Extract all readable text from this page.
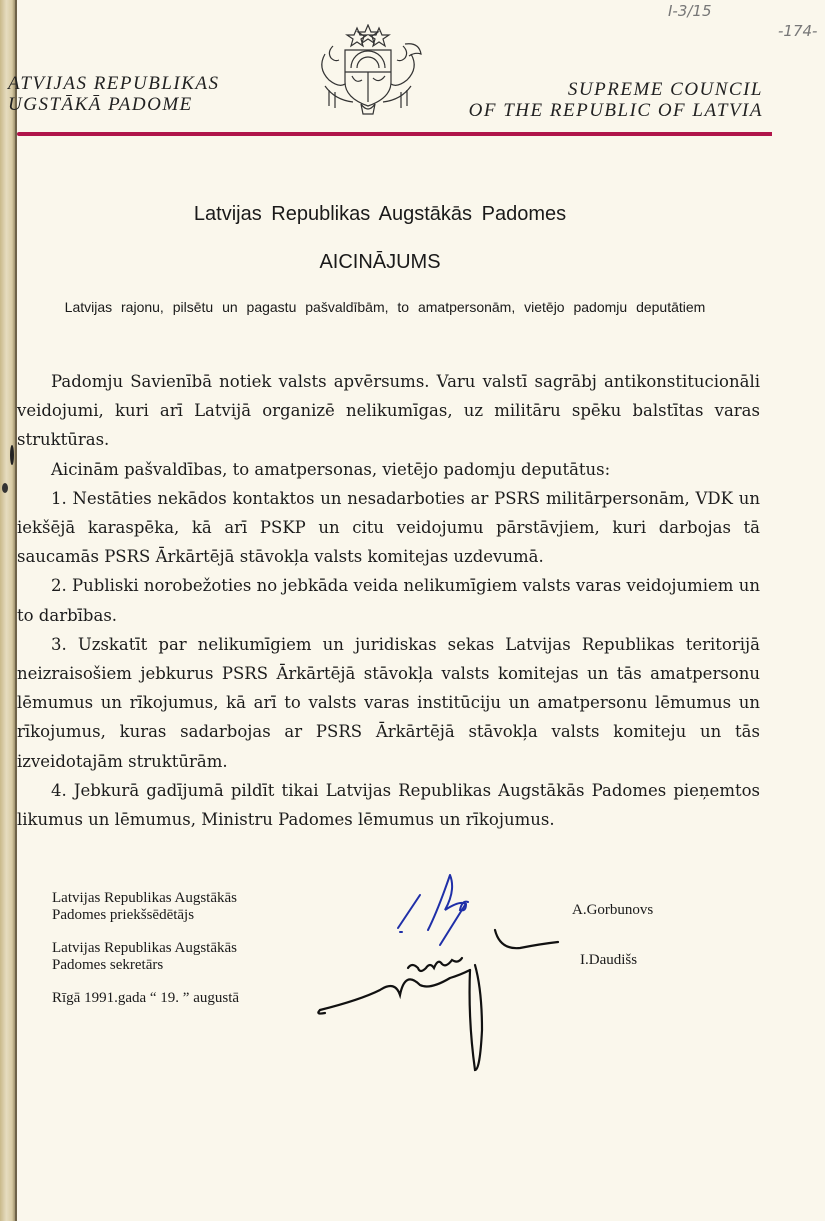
I-3/15
-174-
ATVIJAS REPUBLIKAS
UGSTĀKĀ PADOME
SUPREME COUNCIL
OF THE REPUBLIC OF LATVIA
Latvijas Republikas Augstākās Padomes
AICINĀJUMS
Latvijas rajonu, pilsētu un pagastu pašvaldībām, to amatpersonām, vietējo padomju deputātiem

Padomju Savienībā notiek valsts apvērsums. Varu valstī sagrābj antikonstitucionāli veidojumi, kuri arī Latvijā organizē nelikumīgas, uz militāru spēku balstītas varas struktūras.

Aicinām pašvaldības, to amatpersonas, vietējo padomju deputātus:

1. Nestāties nekādos kontaktos un nesadarboties ar PSRS militārpersonām, VDK un iekšējā karaspēka, kā arī PSKP un citu veidojumu pārstāvjiem, kuri darbojas tā saucamās PSRS Ārkārtējā stāvokļa valsts komitejas uzdevumā.

2. Publiski norobežoties no jebkāda veida nelikumīgiem valsts varas veidojumiem un to darbības.

3. Uzskatīt par nelikumīgiem un juridiskas sekas Latvijas Republikas teritorijā neizraisošiem jebkurus PSRS Ārkārtējā stāvokļa valsts komitejas un tās amatpersonu lēmumus un rīkojumus, kā arī to valsts varas institūciju un amatpersonu lēmumus un rīkojumus, kuras sadarbojas ar PSRS Ārkārtējā stāvokļa valsts komiteju un tās izveidotajām struktūrām.

4. Jebkurā gadījumā pildīt tikai Latvijas Republikas Augstākās Padomes pieņemtos likumus un lēmumus, Ministru Padomes lēmumus un rīkojumus.

Latvijas Republikas Augstākās
Padomes priekšsēdētājs
Latvijas Republikas Augstākās
Padomes sekretārs
Rīgā 1991.gada “ 19. ” augustā
A.Gorbunovs
I.Daudišs
